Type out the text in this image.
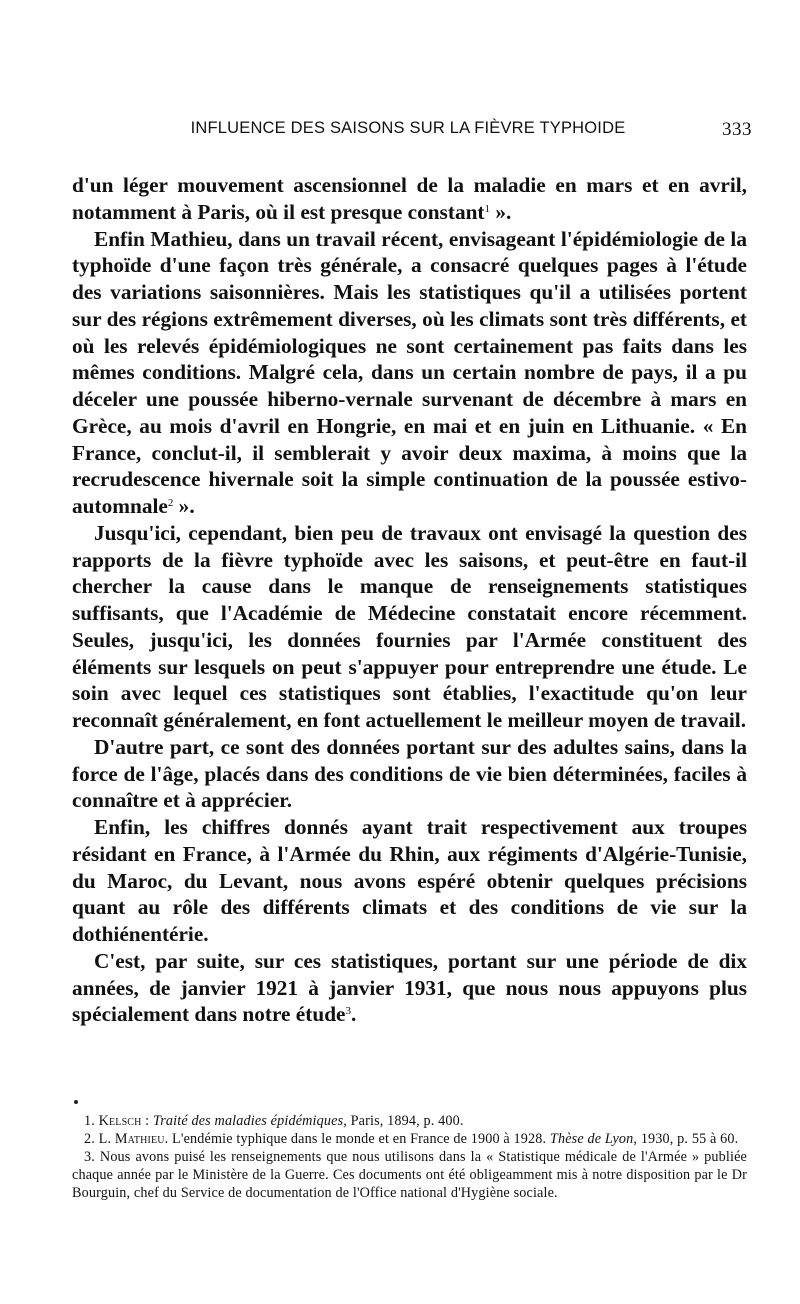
INFLUENCE DES SAISONS SUR LA FIÈVRE TYPHOIDE	333

d'un léger mouvement ascensionnel de la maladie en mars et en avril, notamment à Paris, où il est presque constant$^1$ ».

Enfin Mathieu, dans un travail récent, envisageant l'épidémiologie de la typhoïde d'une façon très générale, a consacré quelques pages à l'étude des variations saisonnières. Mais les statistiques qu'il a utilisées portent sur des régions extrêmement diverses, où les climats sont très différents, et où les relevés épidémiologiques ne sont certainement pas faits dans les mêmes conditions. Malgré cela, dans un certain nombre de pays, il a pu déceler une poussée hiberno-vernale survenant de décembre à mars en Grèce, au mois d'avril en Hongrie, en mai et en juin en Lithuanie. « En France, conclut-il, il semblerait y avoir deux maxima, à moins que la recrudescence hivernale soit la simple continuation de la poussée estivo-automnale$^2$ ».

Jusqu'ici, cependant, bien peu de travaux ont envisagé la question des rapports de la fièvre typhoïde avec les saisons, et peut-être en faut-il chercher la cause dans le manque de renseignements statistiques suffisants, que l'Académie de Médecine constatait encore récemment. Seules, jusqu'ici, les données fournies par l'Armée constituent des éléments sur lesquels on peut s'appuyer pour entreprendre une étude. Le soin avec lequel ces statistiques sont établies, l'exactitude qu'on leur reconnaît généralement, en font actuellement le meilleur moyen de travail.

D'autre part, ce sont des données portant sur des adultes sains, dans la force de l'âge, placés dans des conditions de vie bien déterminées, faciles à connaître et à apprécier.

Enfin, les chiffres donnés ayant trait respectivement aux troupes résidant en France, à l'Armée du Rhin, aux régiments d'Algérie-Tunisie, du Maroc, du Levant, nous avons espéré obtenir quelques précisions quant au rôle des différents climats et des conditions de vie sur la dothiénentérie.

C'est, par suite, sur ces statistiques, portant sur une période de dix années, de janvier 1921 à janvier 1931, que nous nous appuyons plus spécialement dans notre étude$^3$.

1. Kelsch : Traité des maladies épidémiques, Paris, 1894, p. 400.

2. L. Mathieu. L'endémie typhique dans le monde et en France de 1900 à 1928. Thèse de Lyon, 1930, p. 55 à 60.

3. Nous avons puisé les renseignements que nous utilisons dans la « Statistique médicale de l'Armée » publiée chaque année par le Ministère de la Guerre. Ces documents ont été obligeamment mis à notre disposition par le Dr Bourguin, chef du Service de documentation de l'Office national d'Hygiène sociale.
